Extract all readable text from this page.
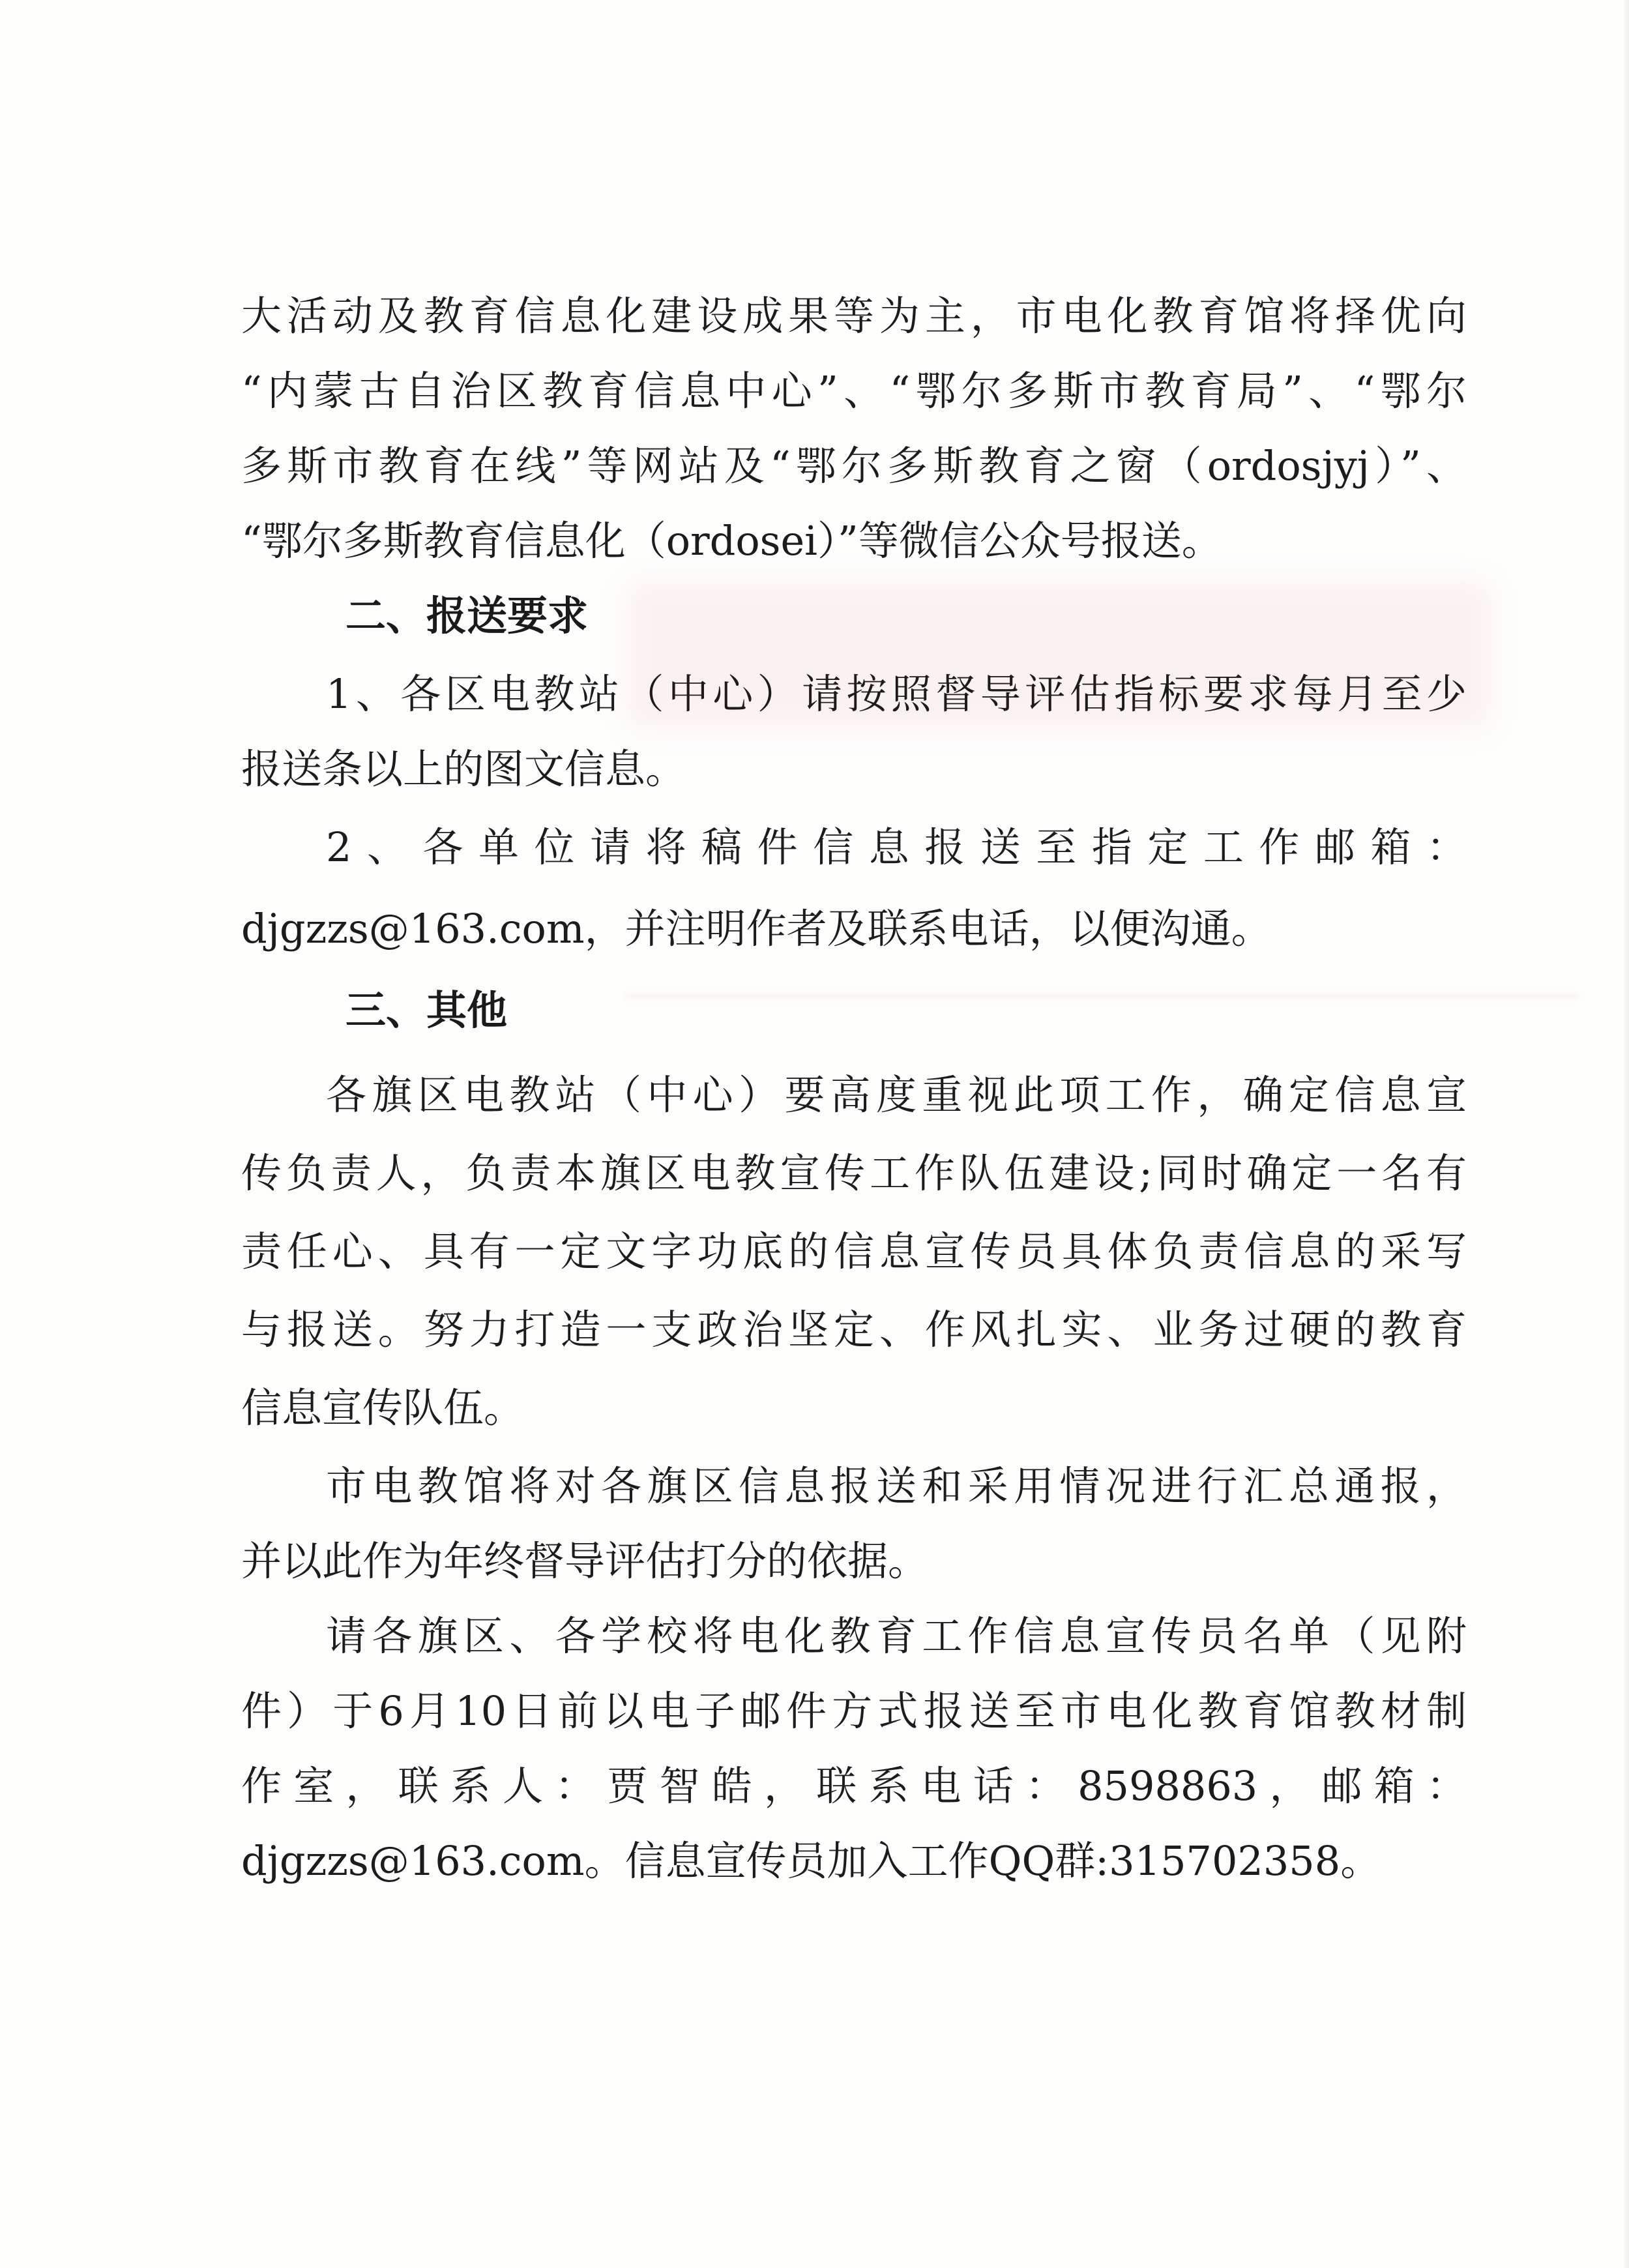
大活动及教育信息化建设成果等为主，市电化教育馆将择优向
“内蒙古自治区教育信息中心”、“鄂尔多斯市教育局”、“鄂尔
多斯市教育在线”等网站及“鄂尔多斯教育之窗（ordosjyj）”、
“鄂尔多斯教育信息化（ordosei）”等微信公众号报送。
二、报送要求
1、各区电教站（中心）请按照督导评估指标要求每月至少
报送条以上的图文信息。
2、各单位请将稿件信息报送至指定工作邮箱：
djgzzs@163.com，并注明作者及联系电话，以便沟通。
三、其他
各旗区电教站（中心）要高度重视此项工作，确定信息宣
传负责人，负责本旗区电教宣传工作队伍建设;同时确定一名有
责任心、具有一定文字功底的信息宣传员具体负责信息的采写
与报送。努力打造一支政治坚定、作风扎实、业务过硬的教育
信息宣传队伍。
市电教馆将对各旗区信息报送和采用情况进行汇总通报，
并以此作为年终督导评估打分的依据。
请各旗区、各学校将电化教育工作信息宣传员名单（见附
件）于6月10日前以电子邮件方式报送至市电化教育馆教材制
作室，联系人：贾智皓，联系电话：8598863，邮箱：
djgzzs@163.com。信息宣传员加入工作QQ群:315702358。
